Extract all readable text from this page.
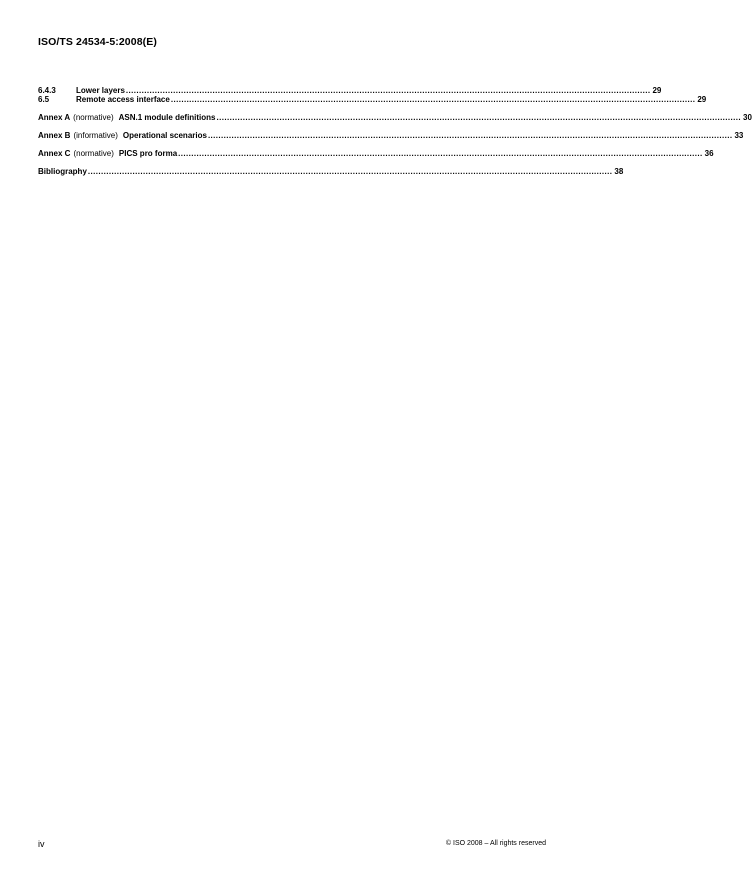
ISO/TS 24534-5:2008(E)
6.4.3	Lower layers ........................................................................................................................................................................................................ 29
6.5	Remote access interface ........................................................................................................................................................................................................ 29
Annex A (normative) ASN.1 module definitions ........................................................................................................................................................................................................ 30
Annex B (informative) Operational scenarios ........................................................................................................................................................................................................ 33
Annex C (normative) PICS pro forma ........................................................................................................................................................................................................ 36
Bibliography ........................................................................................................................................................................................................ 38
iv	© ISO 2008 – All rights reserved
